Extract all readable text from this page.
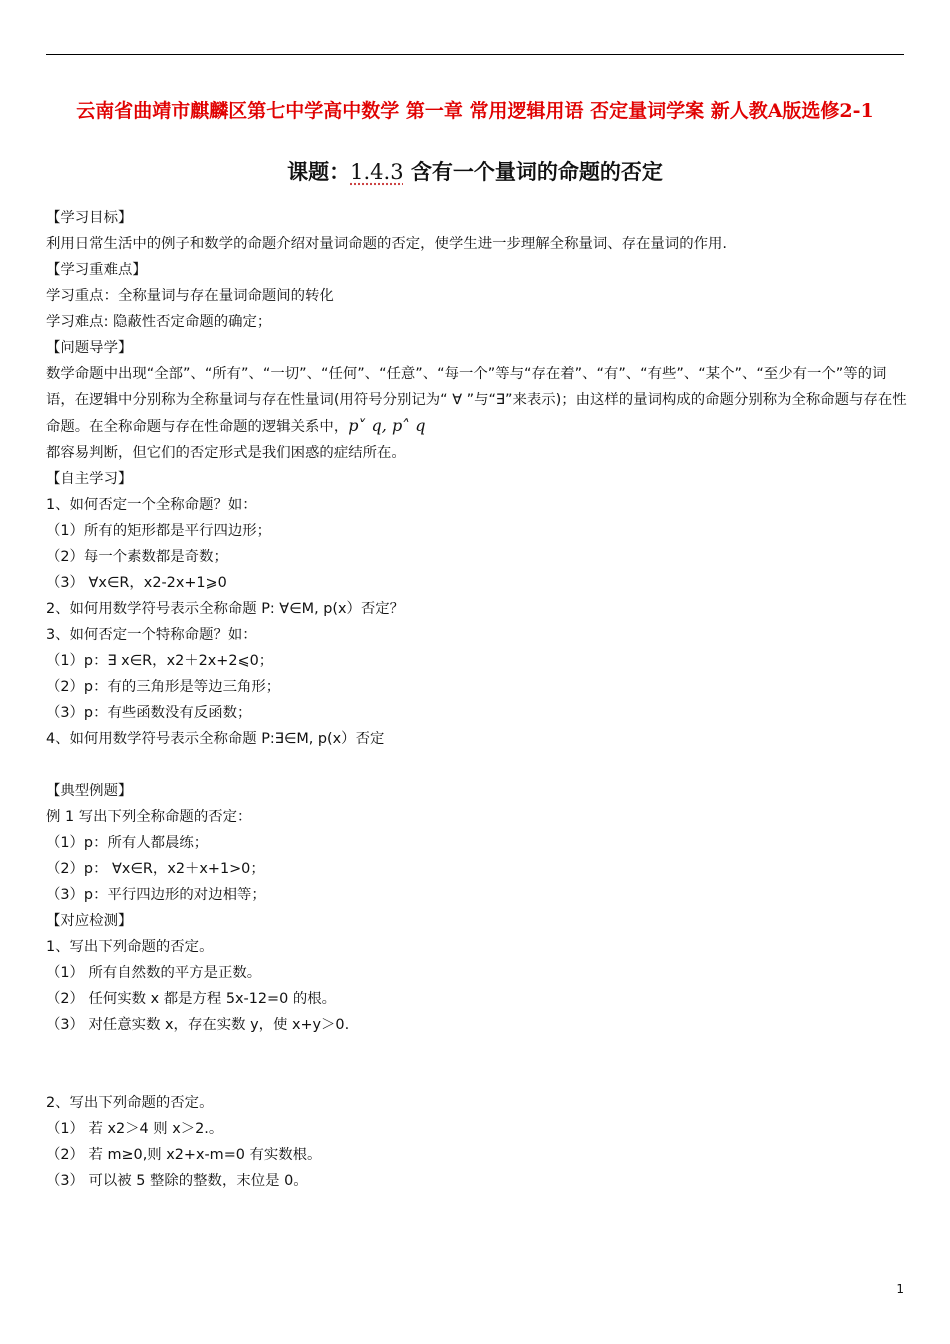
云南省曲靖市麒麟区第七中学高中数学 第一章 常用逻辑用语 否定量词学案 新人教A版选修2-1
课题：1.4.3 含有一个量词的命题的否定
【学习目标】
利用日常生活中的例子和数学的命题介绍对量词命题的否定，使学生进一步理解全称量词、存在量词的作用.
【学习重难点】
学习重点：全称量词与存在量词命题间的转化
学习难点: 隐蔽性否定命题的确定；
【问题导学】
数学命题中出现“全部”、“所有”、“一切”、“任何”、“任意”、“每一个”等与“存在着”、“有”、“有些”、“某个”、“至少有一个”等的词语，在逻辑中分别称为全称量词与存在性量词(用符号分别记为“ ∀ ”与“∃”来表示)；由这样的量词构成的命题分别称为全称命题与存在性命题。在全称命题与存在性命题的逻辑关系中，p˅ q, p˄ q
都容易判断，但它们的否定形式是我们困惑的症结所在。
【自主学习】
1、如何否定一个全称命题？如：
（1）所有的矩形都是平行四边形；
（2）每一个素数都是奇数；
（3） ∀x∈R，x2-2x+1⩾0
2、如何用数学符号表示全称命题 P: ∀∈M, p(x）否定？
3、如何否定一个特称命题？如：
（1）p：∃ x∈R，x2＋2x+2⩽0；
（2）p：有的三角形是等边三角形；
（3）p：有些函数没有反函数；
4、如何用数学符号表示全称命题 P:∃∈M, p(x）否定
【典型例题】
例 1 写出下列全称命题的否定：
（1）p：所有人都晨练；
（2）p： ∀x∈R，x2＋x+1>0；
（3）p：平行四边形的对边相等；
【对应检测】
1、写出下列命题的否定。
（1） 所有自然数的平方是正数。
（2） 任何实数 x 都是方程 5x-12=0 的根。
（3） 对任意实数 x，存在实数 y，使 x+y＞0.
2、写出下列命题的否定。
（1） 若 x2＞4 则 x＞2.。
（2） 若 m≥0,则 x2+x-m=0 有实数根。
（3） 可以被 5 整除的整数，末位是 0。
1
